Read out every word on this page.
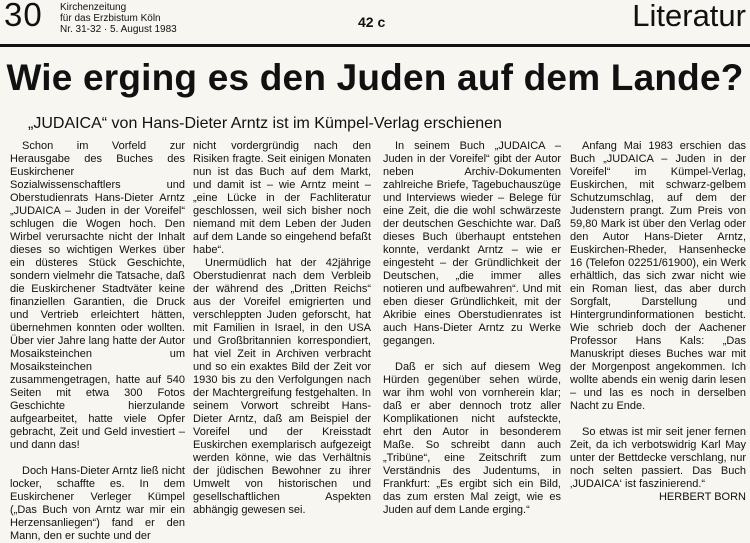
30 Kirchenzeitung
für das Erzbistum Köln
Nr. 31-32 · 5. August 1983	42 c	Literatur
Wie erging es den Juden auf dem Lande?
„JUDAICA“ von Hans-Dieter Arntz ist im Kümpel-Verlag erschienen

Schon im Vorfeld zur Herausgabe des Buches des Euskirchener Sozialwissenschaftlers und Oberstudienrats Hans-Dieter Arntz „JUDAICA – Juden in der Voreifel“ schlugen die Wogen hoch. Den Wirbel verursachte nicht der Inhalt dieses so wichtigen Werkes über ein düsteres Stück Geschichte, sondern vielmehr die Tatsache, daß die Euskirchener Stadtväter keine finanziellen Garantien, die Druck und Vertrieb erleichtert hätten, übernehmen konnten oder wollten. Über vier Jahre lang hatte der Autor Mosaiksteinchen um Mosaiksteinchen zusammengetragen, hatte auf 540 Seiten mit etwa 300 Fotos Geschichte hierzulande aufgearbeitet, hatte viele Opfer gebracht, Zeit und Geld investiert – und dann das!

Doch Hans-Dieter Arntz ließ nicht locker, schaffte es. In dem Euskirchener Verleger Kümpel („Das Buch von Arntz war mir ein Herzensanliegen“) fand er den Mann, den er suchte und der

nicht vordergründig nach den Risiken fragte. Seit einigen Monaten nun ist das Buch auf dem Markt, und damit ist – wie Arntz meint – „eine Lücke in der Fachliteratur geschlossen, weil sich bisher noch niemand mit dem Leben der Juden auf dem Lande so eingehend befaßt habe“.

Unermüdlich hat der 42jährige Oberstudienrat nach dem Verbleib der während des „Dritten Reichs“ aus der Voreifel emigrierten und verschleppten Juden geforscht, hat mit Familien in Israel, in den USA und Großbritannien korrespondiert, hat viel Zeit in Archiven verbracht und so ein exaktes Bild der Zeit vor 1930 bis zu den Verfolgungen nach der Machtergreifung festgehalten. In seinem Vorwort schreibt Hans-Dieter Arntz, daß am Beispiel der Voreifel und der Kreisstadt Euskirchen exemplarisch aufgezeigt werden könne, wie das Verhältnis der jüdischen Bewohner zu ihrer Umwelt von historischen und gesellschaftlichen Aspekten abhängig gewesen sei.

In seinem Buch „JUDAICA – Juden in der Voreifel“ gibt der Autor neben Archiv-Dokumenten zahlreiche Briefe, Tagebuchauszüge und Interviews wieder – Belege für eine Zeit, die die wohl schwärzeste der deutschen Geschichte war. Daß dieses Buch überhaupt entstehen konnte, verdankt Arntz – wie er eingesteht – der Gründlichkeit der Deutschen, „die immer alles notieren und aufbewahren“. Und mit eben dieser Gründlichkeit, mit der Akribie eines Oberstudienrates ist auch Hans-Dieter Arntz zu Werke gegangen.

Daß er sich auf diesem Weg Hürden gegenüber sehen würde, war ihm wohl von vornherein klar; daß er aber dennoch trotz aller Komplikationen nicht aufsteckte, ehrt den Autor in besonderem Maße. So schreibt dann auch „Tribüne“, eine Zeitschrift zum Verständnis des Judentums, in Frankfurt: „Es ergibt sich ein Bild, das zum ersten Mal zeigt, wie es Juden auf dem Lande erging.“

Anfang Mai 1983 erschien das Buch „JUDAICA – Juden in der Voreifel“ im Kümpel-Verlag, Euskirchen, mit schwarz-gelbem Schutzumschlag, auf dem der Judenstern prangt. Zum Preis von 59,80 Mark ist über den Verlag oder den Autor Hans-Dieter Arntz, Euskirchen-Rheder, Hansenhecke 16 (Telefon 02251/61900), ein Werk erhältlich, das sich zwar nicht wie ein Roman liest, das aber durch Sorgfalt, Darstellung und Hintergrundinformationen besticht. Wie schrieb doch der Aachener Professor Hans Kals: „Das Manuskript dieses Buches war mit der Morgenpost angekommen. Ich wollte abends ein wenig darin lesen – und las es noch in derselben Nacht zu Ende.

So etwas ist mir seit jener fernen Zeit, da ich verbotswidrig Karl May unter der Bettdecke verschlang, nur noch selten passiert. Das Buch ‚JUDAICA‘ ist faszinierend.“

HERBERT BORN
